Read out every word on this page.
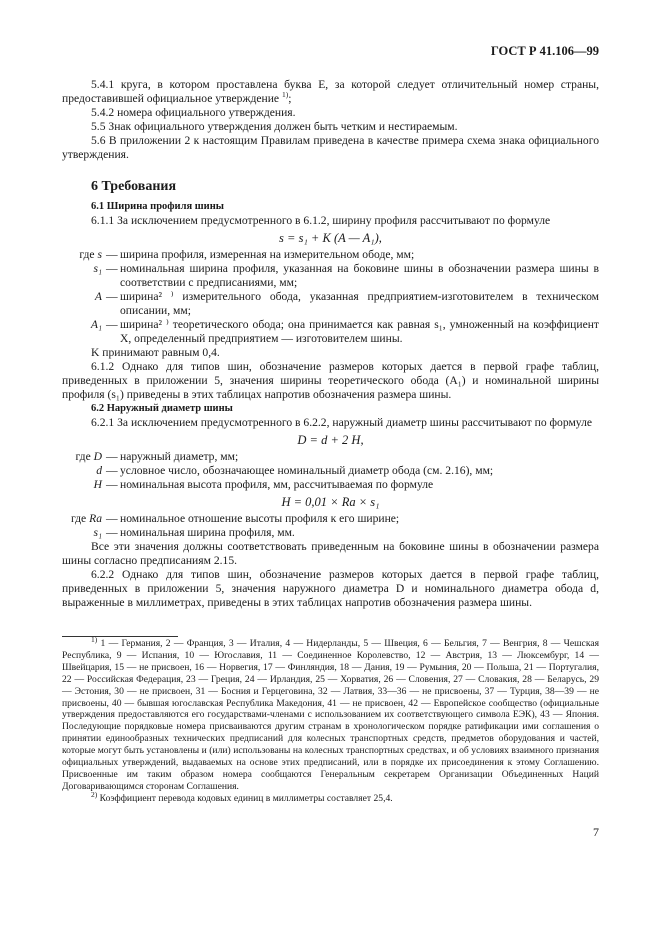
ГОСТ Р 41.106—99

5.4.1 круга, в котором проставлена буква Е, за которой следует отличительный номер страны, предоставившей официальное утверждение $^{1)}$;

5.4.2 номера официального утверждения.

5.5 Знак официального утверждения должен быть четким и нестираемым.

5.6 В приложении 2 к настоящим Правилам приведена в качестве примера схема знака официального утверждения.

6 Требования
6.1 Ширина профиля шины

6.1.1 За исключением предусмотренного в 6.1.2, ширину профиля рассчитывают по формуле

s = s₁ + K (A — A₁),
где s	—	ширина профиля, измеренная на измерительном ободе, мм;
s₁	—	номинальная ширина профиля, указанная на боковине шины в обозначении размера шины в соответствии с предписаниями, мм;
A	—	ширина² ⁾ измерительного обода, указанная предприятием-изготовителем в техническом описании, мм;
A₁	—	ширина² ⁾ теоретического обода; она принимается как равная s₁, умноженный на коэффициент X, определенный предприятием — изготовителем шины.

K принимают равным 0,4.

6.1.2 Однако для типов шин, обозначение размеров которых дается в первой графе таблиц, приведенных в приложении 5, значения ширины теоретического обода (A₁) и номинальной ширины профиля (s₁) приведены в этих таблицах напротив обозначения размера шины.

6.2 Наружный диаметр шины

6.2.1 За исключением предусмотренного в 6.2.2, наружный диаметр шины рассчитывают по формуле

D = d + 2 H,
где D	—	наружный диаметр, мм;
d	—	условное число, обозначающее номинальный диаметр обода (см. 2.16), мм;
H	—	номинальная высота профиля, мм, рассчитываемая по формуле
H = 0,01 × Ra × s₁
где Ra	—	номинальное отношение высоты профиля к его ширине;
s₁	—	номинальная ширина профиля, мм.

Все эти значения должны соответствовать приведенным на боковине шины в обозначении размера шины согласно предписаниям 2.15.

6.2.2 Однако для типов шин, обозначение размеров которых дается в первой графе таблиц, приведенных в приложении 5, значения наружного диаметра D и номинального диаметра обода d, выраженные в миллиметрах, приведены в этих таблицах напротив обозначения размера шины.

$^{1)}$ 1 — Германия, 2 — Франция, 3 — Италия, 4 — Нидерланды, 5 — Швеция, 6 — Бельгия, 7 — Венгрия, 8 — Чешская Республика, 9 — Испания, 10 — Югославия, 11 — Соединенное Королевство, 12 — Австрия, 13 — Люксембург, 14 — Швейцария, 15 — не присвоен, 16 — Норвегия, 17 — Финляндия, 18 — Дания, 19 — Румыния, 20 — Польша, 21 — Португалия, 22 — Российская Федерация, 23 — Греция, 24 — Ирландия, 25 — Хорватия, 26 — Словения, 27 — Словакия, 28 — Беларусь, 29 — Эстония, 30 — не присвоен, 31 — Босния и Герцеговина, 32 — Латвия, 33—36 — не присвоены, 37 — Турция, 38—39 — не присвоены, 40 — бывшая югославская Республика Македония, 41 — не присвоен, 42 — Европейское сообщество (официальные утверждения предоставляются его государствами-членами с использованием их соответствующего символа ЕЭК), 43 — Япония. Последующие порядковые номера присваиваются другим странам в хронологическом порядке ратификации ими соглашения о принятии единообразных технических предписаний для колесных транспортных средств, предметов оборудования и частей, которые могут быть установлены и (или) использованы на колесных транспортных средствах, и об условиях взаимного признания официальных утверждений, выдаваемых на основе этих предписаний, или в порядке их присоединения к этому Соглашению. Присвоенные им таким образом номера сообщаются Генеральным секретарем Организации Объединенных Наций Договаривающимся сторонам Соглашения.

$^{2)}$ Коэффициент перевода кодовых единиц в миллиметры составляет 25,4.

7
